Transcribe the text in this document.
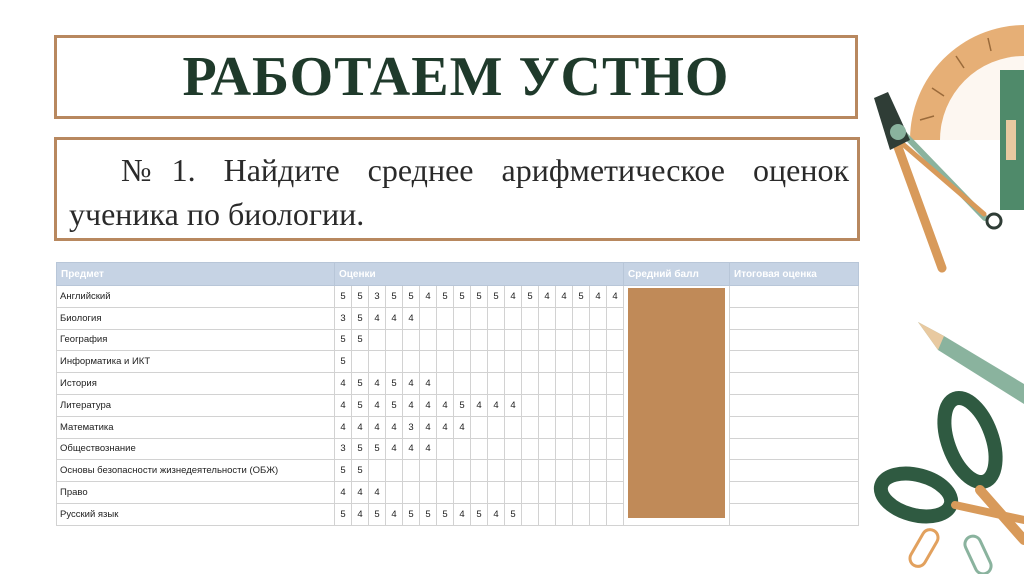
РАБОТАЕМ УСТНО

№1. Найдите среднее арифметическое оценок ученика по биологии.

Предмет	Оценки																	Средний балл	Итоговая оценка
Английский	5	5	3	5	5	4	5	5	5	5	4	5	4	4	5	4	4	

Биология	3	5	4	4	4														
География	5	5																	
Информатика и ИКТ	5																		
История	4	5	4	5	4	4													
Литература	4	5	4	5	4	4	4	5	4	4	4								
Математика	4	4	4	4	3	4	4	4											
Обществознание	3	5	5	4	4	4													
Основы безопасности жизнедеятельности (ОБЖ)	5	5																	
Право	4	4	4																
Русский язык	5	4	5	4	5	5	5	4	5	4	5								
